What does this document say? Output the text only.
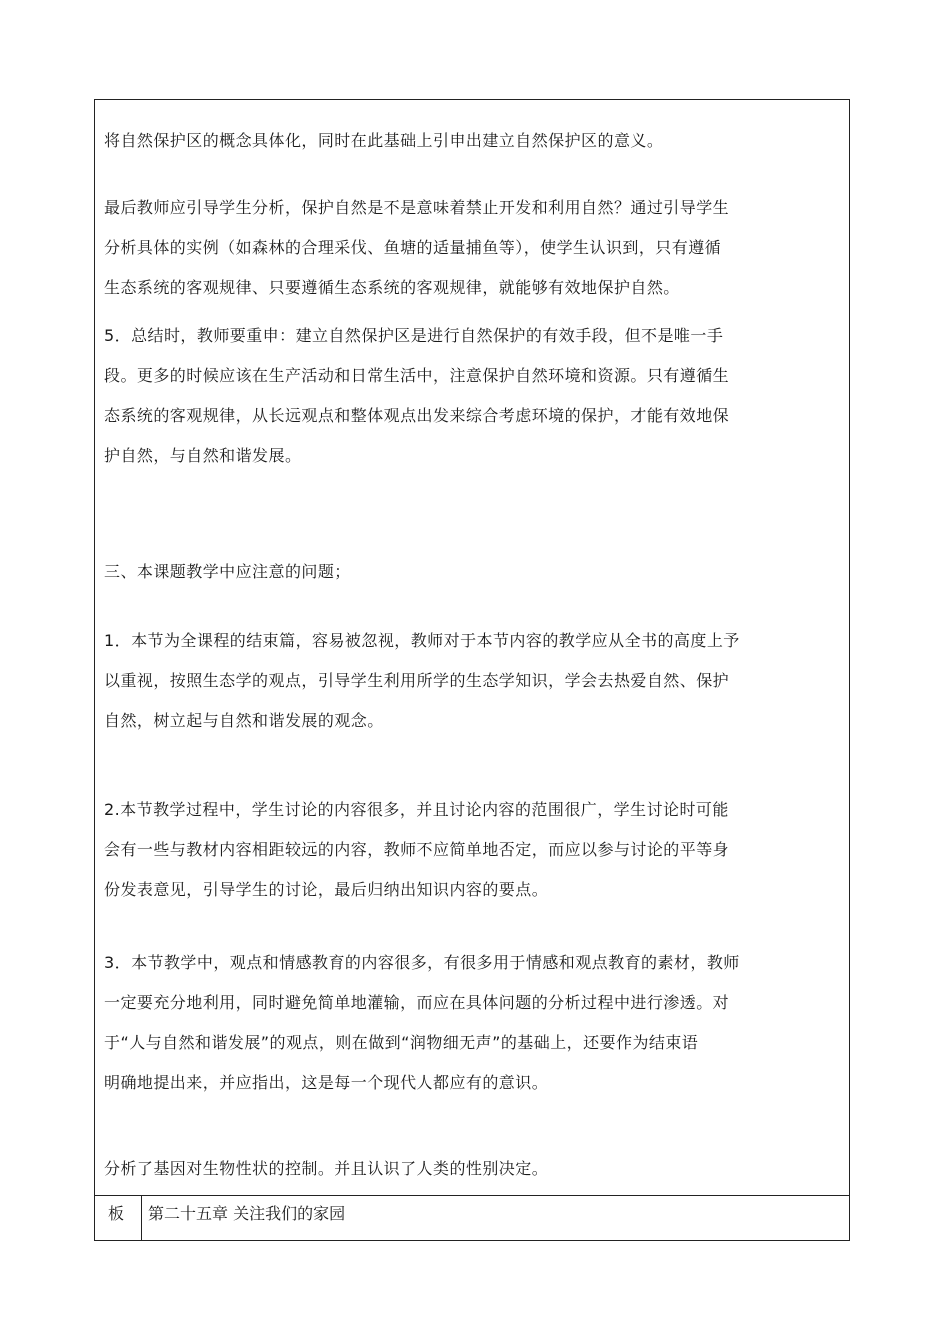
将自然保护区的概念具体化，同时在此基础上引申出建立自然保护区的意义。

最后教师应引导学生分析，保护自然是不是意味着禁止开发和利用自然？通过引导学生
分析具体的实例（如森林的合理采伐、鱼塘的适量捕鱼等），使学生认识到，只有遵循
生态系统的客观规律、只要遵循生态系统的客观规律，就能够有效地保护自然。

5．总结时，教师要重申：建立自然保护区是进行自然保护的有效手段，但不是唯一手
段。更多的时候应该在生产活动和日常生活中，注意保护自然环境和资源。只有遵循生
态系统的客观规律，从长远观点和整体观点出发来综合考虑环境的保护，才能有效地保
护自然，与自然和谐发展。

三、本课题教学中应注意的问题；

1．本节为全课程的结束篇，容易被忽视，教师对于本节内容的教学应从全书的高度上予
以重视，按照生态学的观点，引导学生利用所学的生态学知识，学会去热爱自然、保护
自然，树立起与自然和谐发展的观念。

2.本节教学过程中，学生讨论的内容很多，并且讨论内容的范围很广，学生讨论时可能
会有一些与教材内容相距较远的内容，教师不应简单地否定，而应以参与讨论的平等身
份发表意见，引导学生的讨论，最后归纳出知识内容的要点。

3．本节教学中，观点和情感教育的内容很多，有很多用于情感和观点教育的素材，教师
一定要充分地利用，同时避免简单地灌输，而应在具体问题的分析过程中进行渗透。对
于“人与自然和谐发展”的观点，则在做到“润物细无声”的基础上，还要作为结束语
明确地提出来，并应指出，这是每一个现代人都应有的意识。

分析了基因对生物性状的控制。并且认识了人类的性别决定。

板 第二十五章 关注我们的家园
